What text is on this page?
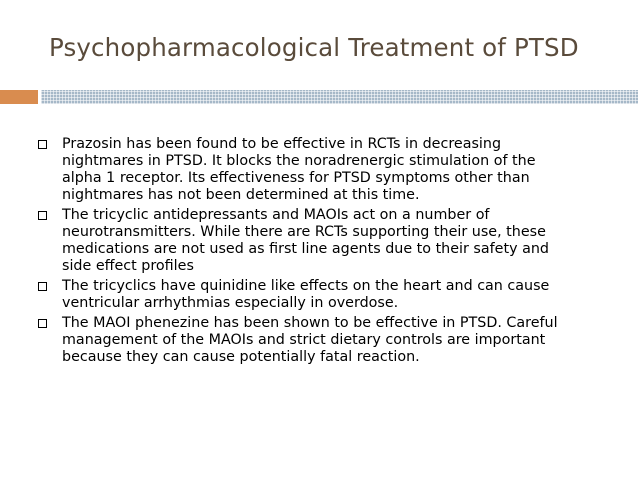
Psychopharmacological Treatment of PTSD
Prazosin has been found to be effective in RCTs in decreasing
nightmares in PTSD. It blocks the noradrenergic stimulation of the
alpha 1 receptor. Its effectiveness for PTSD symptoms other than
nightmares has not been determined at this time.
The tricyclic antidepressants and MAOIs act on a number of
neurotransmitters. While there are RCTs supporting their use, these
medications are not used as first line agents due to their safety and
side effect profiles
The tricyclics have quinidine like effects on the heart and can cause
ventricular arrhythmias especially in overdose.
The MAOI phenezine has been shown to be effective in PTSD. Careful
management of the MAOIs and strict dietary controls are important
because they can cause potentially fatal reaction.
